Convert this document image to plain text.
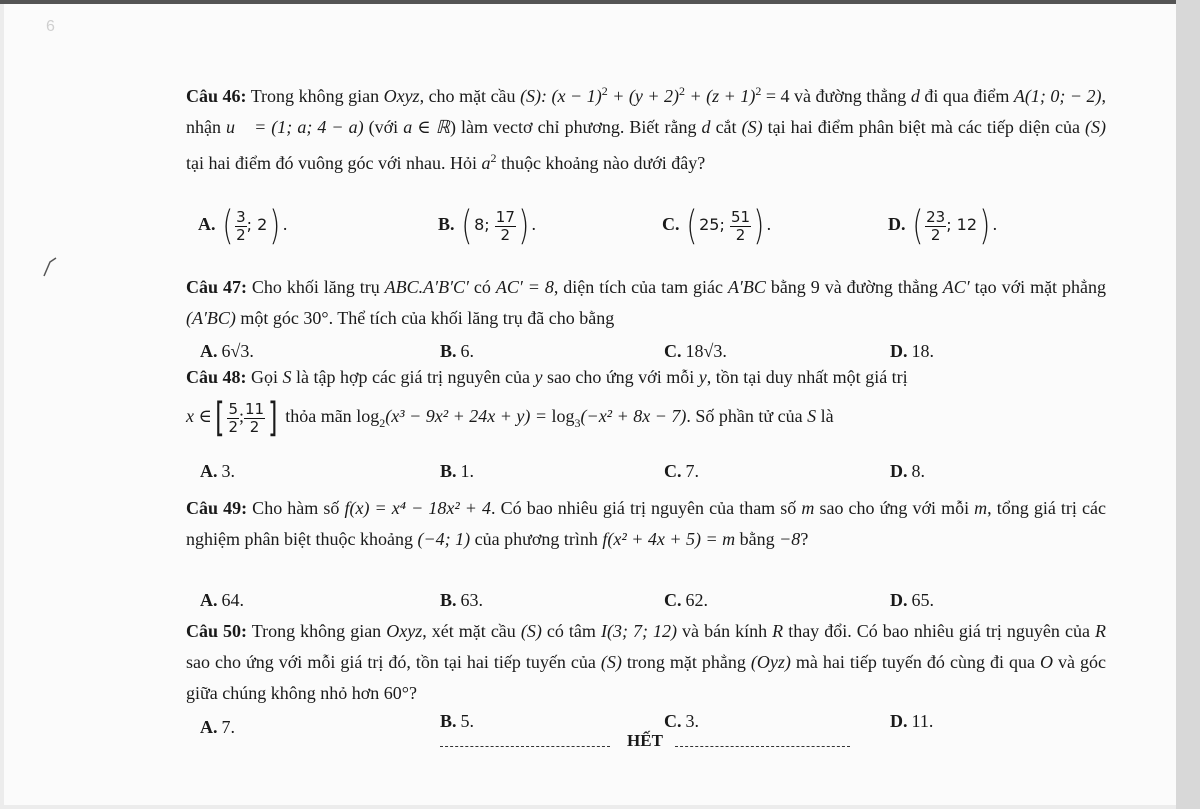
6
Câu 46: Trong không gian Oxyz, cho mặt cầu (S): $(x - 1)^2 + (y + 2)^2 + (z + 1)^2 = 4$ và đường thẳng d đi qua điểm A(1; 0; − 2), nhận u⃗ = (1; a; 4 − a) (với a ∈ ℝ) làm vectơ chỉ phương. Biết rằng d cắt (S) tại hai điểm phân biệt mà các tiếp diện của (S) tại hai điểm đó vuông góc với nhau. Hỏi $a^2$ thuộc khoảng nào dưới đây?
A. ( $\frac{3}{2}$ ; 2) .	B. ( 8; $\frac{17}{2}$ ) .	C. ( 25; $\frac{51}{2}$ ) .	D. ( $\frac{23}{2}$ ; 12) .
Câu 47: Cho khối lăng trụ ABC.A′B′C′ có AC′ = 8, diện tích của tam giác A′BC bằng 9 và đường thẳng AC′ tạo với mặt phẳng (A′BC) một góc 30°. Thể tích của khối lăng trụ đã cho bằng
A. 6√3.	B. 6.	C. 18√3.	D. 18.
Câu 48: Gọi S là tập hợp các giá trị nguyên của y sao cho ứng với mỗi y, tồn tại duy nhất một giá trị
x ∈[ $\frac{5}{2}$ ; $\frac{11}{2}$ ] thỏa mãn $\log_2(x^3 - 9x^2 + 24x + y) = \log_3(-x^2 + 8x - 7)$. Số phần tử của S là
A. 3.	B. 1.	C. 7.	D. 8.
Câu 49: Cho hàm số f(x) = x⁴ − 18x² + 4. Có bao nhiêu giá trị nguyên của tham số m sao cho ứng với mỗi m, tổng giá trị các nghiệm phân biệt thuộc khoảng (−4; 1) của phương trình f(x² + 4x + 5) = m bằng −8?
A. 64.	B. 63.	C. 62.	D. 65.
Câu 50: Trong không gian Oxyz, xét mặt cầu (S) có tâm I(3; 7; 12) và bán kính R thay đổi. Có bao nhiêu giá trị nguyên của R sao cho ứng với mỗi giá trị đó, tồn tại hai tiếp tuyến của (S) trong mặt phẳng (Oyz) mà hai tiếp tuyến đó cùng đi qua O và góc giữa chúng không nhỏ hơn 60°?
A. 7.	B. 5.	C. 3.	D. 11.
HẾT
